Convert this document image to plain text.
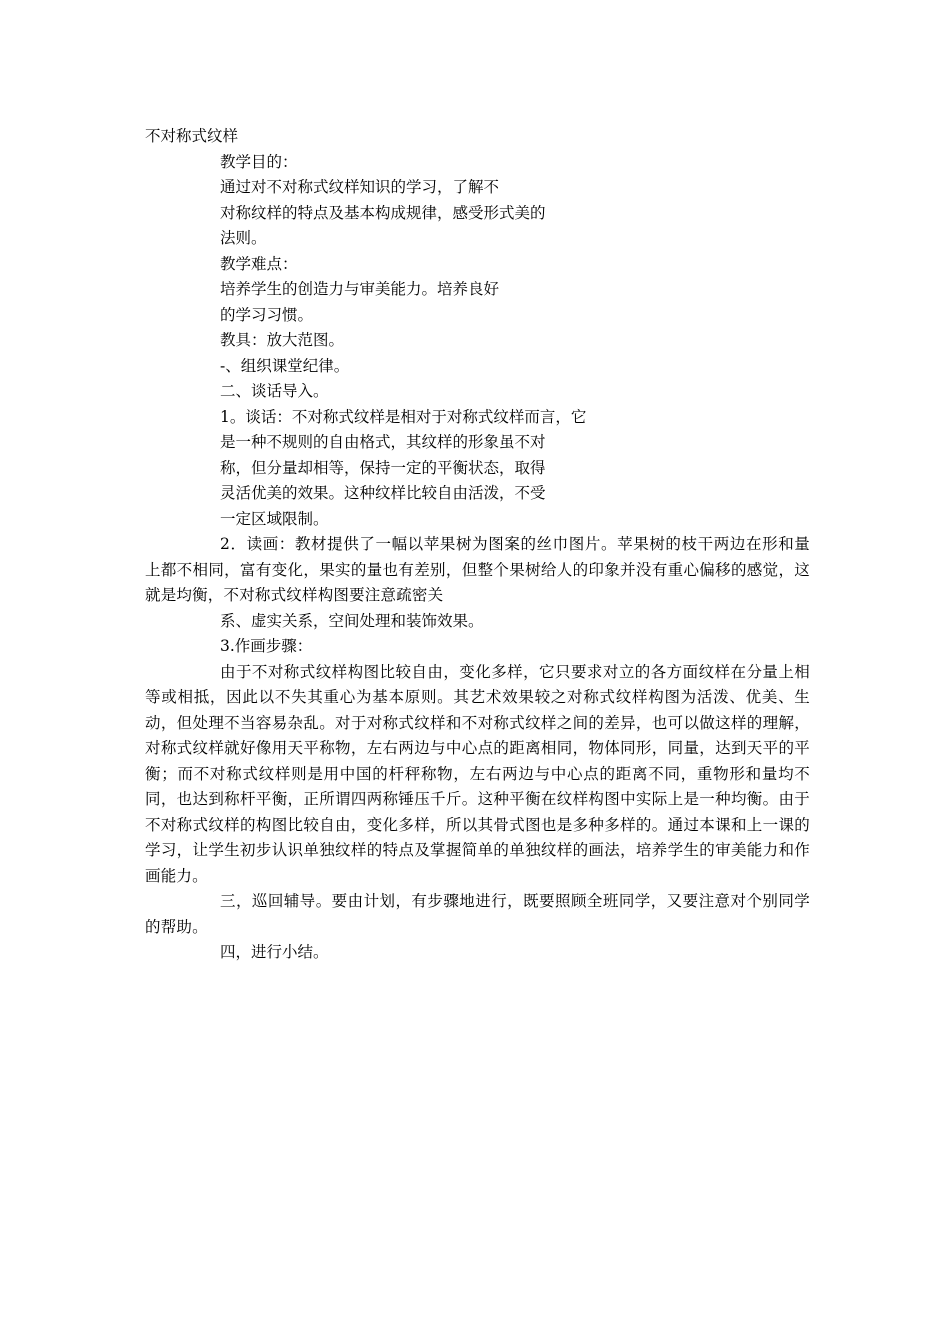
不对称式纹样
教学目的：
通过对不对称式纹样知识的学习，了解不
对称纹样的特点及基本构成规律，感受形式美的
法则。
教学难点：
培养学生的创造力与审美能力。培养良好
的学习习惯。
教具：放大范图。
-、组织课堂纪律。
二、谈话导入。
1。谈话：不对称式纹样是相对于对称式纹样而言，它
是一种不规则的自由格式，其纹样的形象虽不对
称，但分量却相等，保持一定的平衡状态，取得
灵活优美的效果。这种纹样比较自由活泼，不受
一定区域限制。
2．读画：教材提供了一幅以苹果树为图案的丝巾图片。苹果树的枝干两边在形和量上都不相同，富有变化，果实的量也有差别，但整个果树给人的印象并没有重心偏移的感觉，这就是均衡，不对称式纹样构图要注意疏密关
系、虚实关系，空间处理和装饰效果。
3.作画步骤：
由于不对称式纹样构图比较自由，变化多样，它只要求对立的各方面纹样在分量上相等或相抵，因此以不失其重心为基本原则。其艺术效果较之对称式纹样构图为活泼、优美、生动，但处理不当容易杂乱。对于对称式纹样和不对称式纹样之间的差异，也可以做这样的理解，对称式纹样就好像用天平称物，左右两边与中心点的距离相同，物体同形，同量，达到天平的平衡；而不对称式纹样则是用中国的杆秤称物，左右两边与中心点的距离不同，重物形和量均不同，也达到称杆平衡，正所谓四两称锤压千斤。这种平衡在纹样构图中实际上是一种均衡。由于不对称式纹样的构图比较自由，变化多样，所以其骨式图也是多种多样的。通过本课和上一课的学习，让学生初步认识单独纹样的特点及掌握简单的单独纹样的画法，培养学生的审美能力和作画能力。
三，巡回辅导。要由计划，有步骤地进行，既要照顾全班同学，又要注意对个别同学的帮助。
四，进行小结。
